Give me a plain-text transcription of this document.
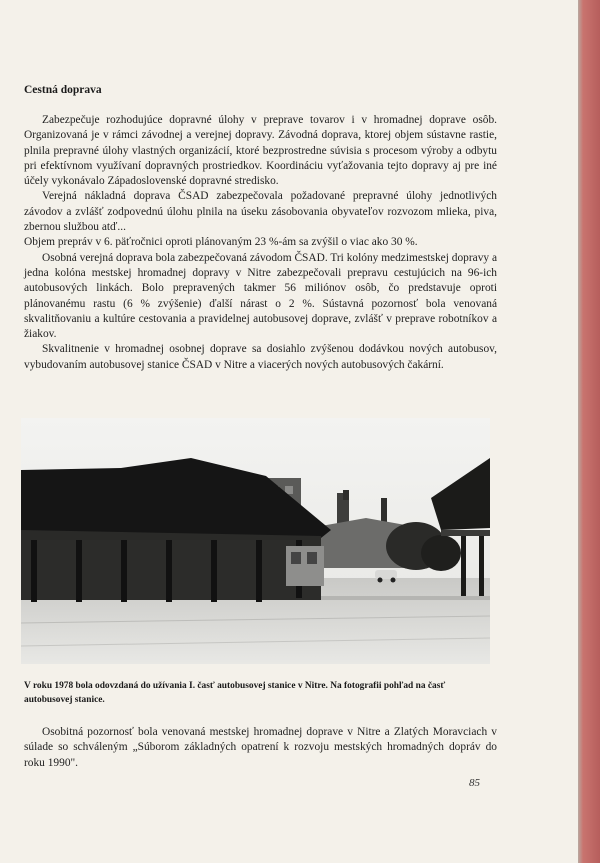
Cestná doprava

Zabezpečuje rozhodujúce dopravné úlohy v preprave tovarov i v hromadnej doprave osôb. Organizovaná je v rámci závodnej a verejnej dopravy. Závodná doprava, ktorej objem sústavne rastie, plnila prepravné úlohy vlastných organizácií, ktoré bezprostredne súvisia s procesom výroby a odbytu pri efektívnom využívaní dopravných prostriedkov. Koordináciu vyťažovania tejto dopravy aj pre iné účely vykonávalo Západoslovenské dopravné stredisko.

Verejná nákladná doprava ČSAD zabezpečovala požadované prepravné úlohy jednotlivých závodov a zvlášť zodpovednú úlohu plnila na úseku zásobovania obyvateľov rozvozom mlieka, piva, zbernou službou atď...

Objem prepráv v 6. päťročnici oproti plánovaným 23 %-ám sa zvýšil o viac ako 30 %.

Osobná verejná doprava bola zabezpečovaná závodom ČSAD. Tri kolóny medzimestskej dopravy a jedna kolóna mestskej hromadnej dopravy v Nitre zabezpečovali prepravu cestujúcich na 96-ich autobusových linkách. Bolo prepravených takmer 56 miliónov osôb, čo predstavuje oproti plánovanému rastu (6 % zvýšenie) ďalší nárast o 2 %. Sústavná pozornosť bola venovaná skvalitňovaniu a kultúre cestovania a pravidelnej autobusovej doprave, zvlášť v preprave robotníkov a žiakov.

Skvalitnenie v hromadnej osobnej doprave sa dosiahlo zvýšenou dodávkou nových autobusov, vybudovaním autobusovej stanice ČSAD v Nitre a viacerých nových autobusových čakární.

V roku 1978 bola odovzdaná do užívania I. časť autobusovej stanice v Nitre. Na fotografii pohľad na časť autobusovej stanice.

Osobitná pozornosť bola venovaná mestskej hromadnej doprave v Nitre a Zlatých Moravciach v súlade so schváleným „Súborom základných opatrení k rozvoju mestských hromadných dopráv do roku 1990".

85
